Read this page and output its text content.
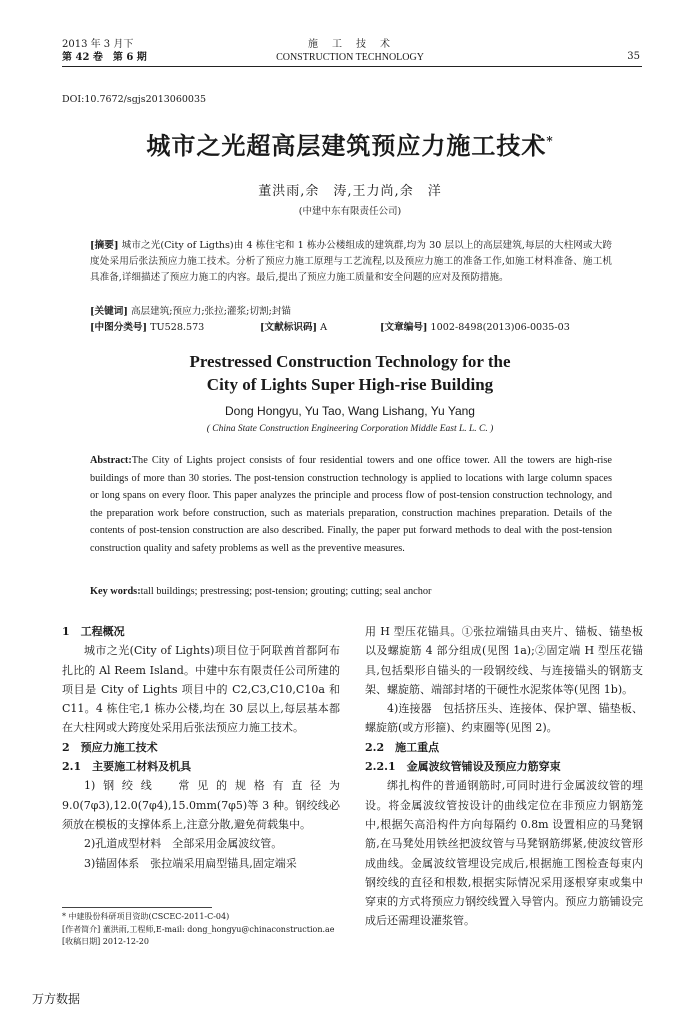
2013 年 3 月下
第 42 卷　第 6 期
施　工　技　术
CONSTRUCTION TECHNOLOGY	35
DOI:10.7672/sgjs2013060035
城市之光超高层建筑预应力施工技术*
董洪雨,余　涛,王力尚,余　洋
(中建中东有限责任公司)
[摘要] 城市之光(City of Ligths)由 4 栋住宅和 1 栋办公楼组成的建筑群,均为 30 层以上的高层建筑,每层的大柱网或大跨度处采用后张法预应力施工技术。分析了预应力施工原理与工艺流程,以及预应力施工的准备工作,如施工材料准备、施工机具准备,详细描述了预应力施工的内容。最后,提出了预应力施工质量和安全问题的应对及预防措施。
[关键词] 高层建筑;预应力;张拉;灌浆;切割;封锚
[中图分类号] TU528.573	[文献标识码] A	[文章编号] 1002-8498(2013)06-0035-03
Prestressed Construction Technology for the
City of Lights Super High-rise Building
Dong Hongyu, Yu Tao, Wang Lishang, Yu Yang
( China State Construction Engineering Corporation Middle East L. L. C. )
Abstract:The City of Lights project consists of four residential towers and one office tower. All the towers are high-rise buildings of more than 30 stories. The post-tension construction technology is applied to locations with large column spaces or long spans on every floor. This paper analyzes the principle and process flow of post-tension construction technology, and the preparation work before construction, such as materials preparation, construction machines preparation. Details of the contents of post-tension construction are also described. Finally, the paper put forward methods to deal with the post-tension construction quality and safety problems as well as the preventive measures.
Key words:tall buildings; prestressing; post-tension; grouting; cutting; seal anchor
1　工程概况
城市之光(City of Lights)项目位于阿联酋首都阿布扎比的 Al Reem Island。中建中东有限责任公司所建的项目是 City of Lights 项目中的 C2,C3,C10,C10a 和 C11。4 栋住宅,1 栋办公楼,均在 30 层以上,每层基本都在大柱网或大跨度处采用后张法预应力施工技术。
2　预应力施工技术
2.1　主要施工材料及机具
1)钢绞线　常见的规格有直径为 9.0(7φ3),12.0(7φ4),15.0mm(7φ5)等 3 种。钢绞线必须放在模板的支撑体系上,注意分散,避免荷载集中。
2)孔道成型材料　全部采用金属波纹管。
3)锚固体系　张拉端采用扁型锚具,固定端采
* 中建股份科研项目资助(CSCEC-2011-C-04)
[作者简介] 董洪雨,工程师,E-mail: dong_hongyu@chinaconstruction.ae
[收稿日期] 2012-12-20
用 H 型压花锚具。①张拉端锚具由夹片、锚板、锚垫板以及螺旋筋 4 部分组成(见图 1a);②固定端 H 型压花锚具,包括梨形自锚头的一段钢绞线、与连接锚头的钢筋支架、螺旋筋、端部封堵的干硬性水泥浆体等(见图 1b)。
4)连接器　包括挤压头、连接体、保护罩、锚垫板、螺旋筋(或方形箍)、约束圈等(见图 2)。
2.2　施工重点
2.2.1　金属波纹管铺设及预应力筋穿束
绑扎构件的普通钢筋时,可同时进行金属波纹管的埋设。将金属波纹管按设计的曲线定位在非预应力钢筋笼中,根据矢高沿构件方向每隔约 0.8m 设置相应的马凳钢筋,在马凳处用铁丝把波纹管与马凳钢筋绑紧,使波纹管形成曲线。金属波纹管埋设完成后,根据施工图检查每束内钢绞线的直径和根数,根据实际情况采用逐根穿束或集中穿束的方式将预应力钢绞线置入导管内。预应力筋铺设完成后还需理设灌浆管。
万方数据
